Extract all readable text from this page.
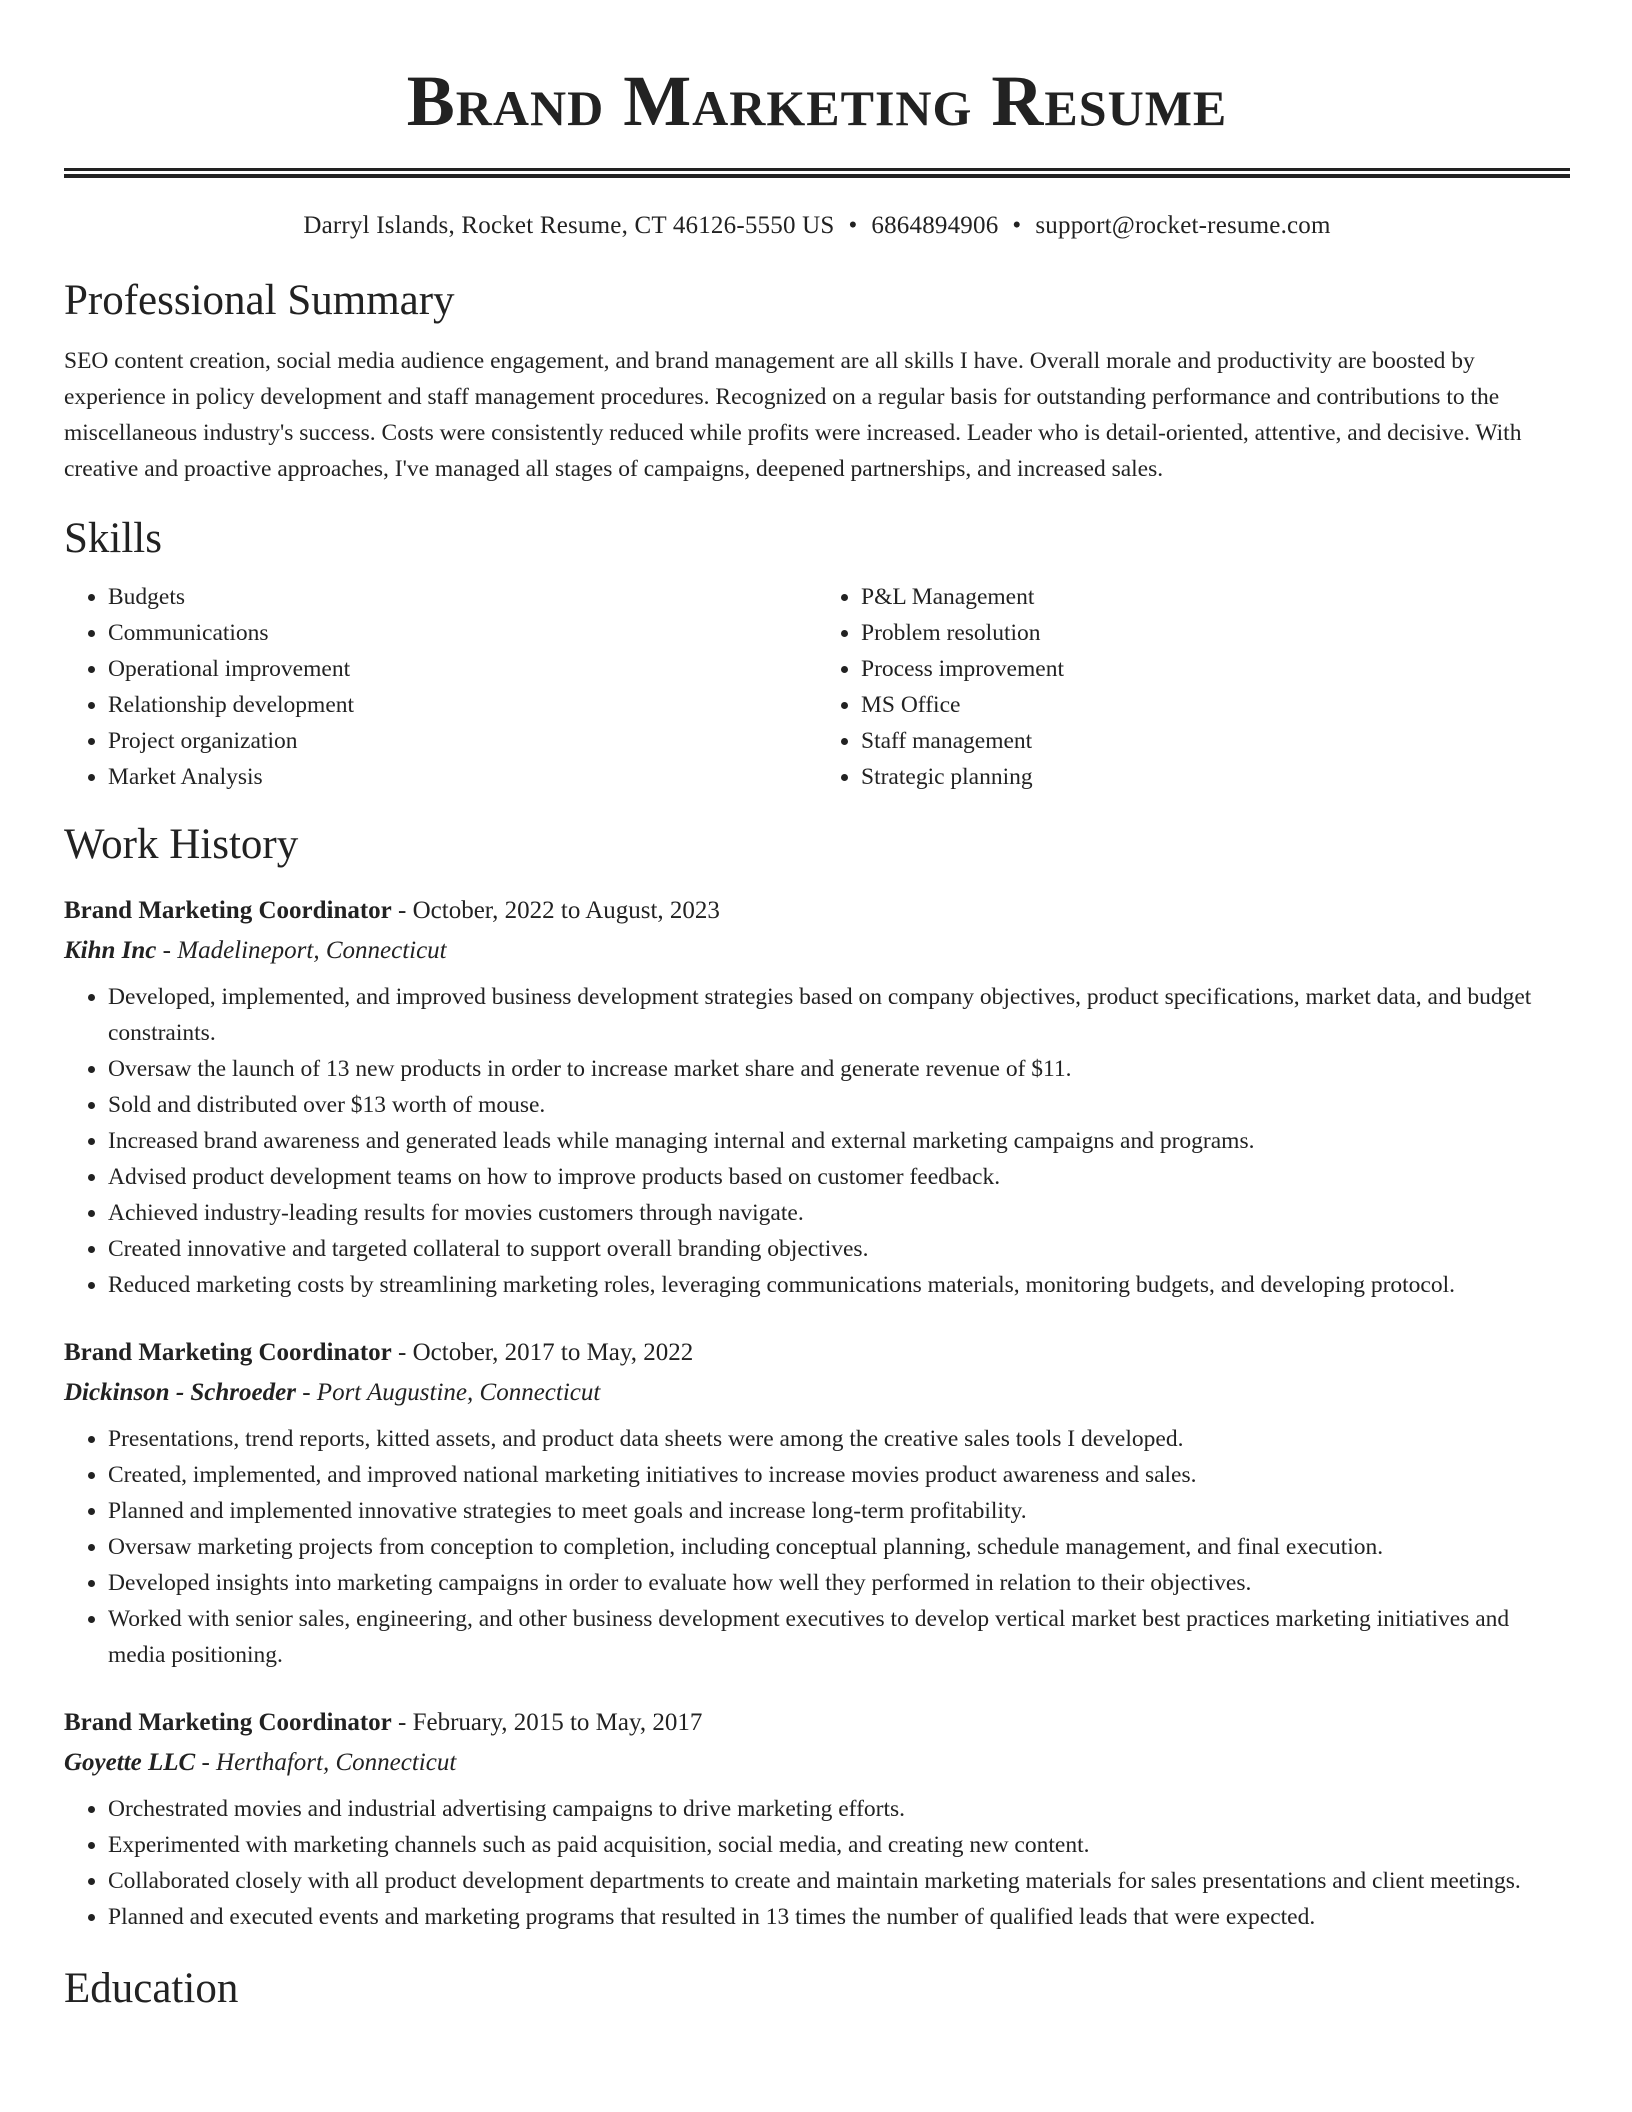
Brand Marketing Resume
Darryl Islands, Rocket Resume, CT 46126-5550 US • 6864894906 • support@rocket-resume.com
Professional Summary
SEO content creation, social media audience engagement, and brand management are all skills I have. Overall morale and productivity are boosted by experience in policy development and staff management procedures. Recognized on a regular basis for outstanding performance and contributions to the miscellaneous industry's success. Costs were consistently reduced while profits were increased. Leader who is detail-oriented, attentive, and decisive. With creative and proactive approaches, I've managed all stages of campaigns, deepened partnerships, and increased sales.
Skills
• Budgets
• Communications
• Operational improvement
• Relationship development
• Project organization
• Market Analysis
• P&L Management
• Problem resolution
• Process improvement
• MS Office
• Staff management
• Strategic planning
Work History
Brand Marketing Coordinator - October, 2022 to August, 2023
Kihn Inc - Madelineport, Connecticut
• Developed, implemented, and improved business development strategies based on company objectives, product specifications, market data, and budget constraints.
• Oversaw the launch of 13 new products in order to increase market share and generate revenue of $11.
• Sold and distributed over $13 worth of mouse.
• Increased brand awareness and generated leads while managing internal and external marketing campaigns and programs.
• Advised product development teams on how to improve products based on customer feedback.
• Achieved industry-leading results for movies customers through navigate.
• Created innovative and targeted collateral to support overall branding objectives.
• Reduced marketing costs by streamlining marketing roles, leveraging communications materials, monitoring budgets, and developing protocol.
Brand Marketing Coordinator - October, 2017 to May, 2022
Dickinson - Schroeder - Port Augustine, Connecticut
• Presentations, trend reports, kitted assets, and product data sheets were among the creative sales tools I developed.
• Created, implemented, and improved national marketing initiatives to increase movies product awareness and sales.
• Planned and implemented innovative strategies to meet goals and increase long-term profitability.
• Oversaw marketing projects from conception to completion, including conceptual planning, schedule management, and final execution.
• Developed insights into marketing campaigns in order to evaluate how well they performed in relation to their objectives.
• Worked with senior sales, engineering, and other business development executives to develop vertical market best practices marketing initiatives and media positioning.
Brand Marketing Coordinator - February, 2015 to May, 2017
Goyette LLC - Herthafort, Connecticut
• Orchestrated movies and industrial advertising campaigns to drive marketing efforts.
• Experimented with marketing channels such as paid acquisition, social media, and creating new content.
• Collaborated closely with all product development departments to create and maintain marketing materials for sales presentations and client meetings.
• Planned and executed events and marketing programs that resulted in 13 times the number of qualified leads that were expected.
Education
